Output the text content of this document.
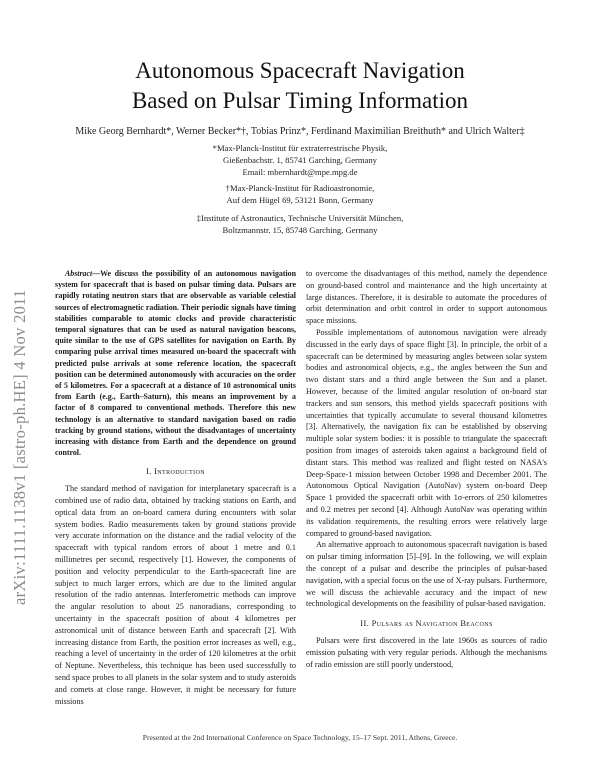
arXiv:1111.1138v1 [astro-ph.HE] 4 Nov 2011
Autonomous Spacecraft Navigation
Based on Pulsar Timing Information
Mike Georg Bernhardt*, Werner Becker*†, Tobias Prinz*, Ferdinand Maximilian Breithuth* and Ulrich Walter‡
*Max-Planck-Institut für extraterrestrische Physik,
Gießenbachstr. 1, 85741 Garching, Germany
Email: mbernhardt@mpe.mpg.de
†Max-Planck-Institut für Radioastronomie,
Auf dem Hügel 69, 53121 Bonn, Germany
‡Institute of Astronautics, Technische Universität München,
Boltzmannstr. 15, 85748 Garching, Germany

Abstract—We discuss the possibility of an autonomous navigation system for spacecraft that is based on pulsar timing data. Pulsars are rapidly rotating neutron stars that are observable as variable celestial sources of electromagnetic radiation. Their periodic signals have timing stabilities comparable to atomic clocks and provide characteristic temporal signatures that can be used as natural navigation beacons, quite similar to the use of GPS satellites for navigation on Earth. By comparing pulse arrival times measured on-board the spacecraft with predicted pulse arrivals at some reference location, the spacecraft position can be determined autonomously with accuracies on the order of 5 kilometres. For a spacecraft at a distance of 10 astronomical units from Earth (e.g., Earth–Saturn), this means an improvement by a factor of 8 compared to conventional methods. Therefore this new technology is an alternative to standard navigation based on radio tracking by ground stations, without the disadvantages of uncertainty increasing with distance from Earth and the dependence on ground control.

I. Introduction

The standard method of navigation for interplanetary spacecraft is a combined use of radio data, obtained by tracking stations on Earth, and optical data from an on-board camera during encounters with solar system bodies. Radio measurements taken by ground stations provide very accurate information on the distance and the radial velocity of the spacecraft with typical random errors of about 1 metre and 0.1 millimetres per second, respectively [1]. However, the components of position and velocity perpendicular to the Earth-spacecraft line are subject to much larger errors, which are due to the limited angular resolution of the radio antennas. Interferometric methods can improve the angular resolution to about 25 nanoradians, corresponding to uncertainty in the spacecraft position of about 4 kilometres per astronomical unit of distance between Earth and spacecraft [2]. With increasing distance from Earth, the position error increases as well, e.g., reaching a level of uncertainty in the order of 120 kilometres at the orbit of Neptune. Nevertheless, this technique has been used successfully to send space probes to all planets in the solar system and to study asteroids and comets at close range. However, it might be necessary for future missions

to overcome the disadvantages of this method, namely the dependence on ground-based control and maintenance and the high uncertainty at large distances. Therefore, it is desirable to automate the procedures of orbit determination and orbit control in order to support autonomous space missions.

Possible implementations of autonomous navigation were already discussed in the early days of space flight [3]. In principle, the orbit of a spacecraft can be determined by measuring angles between solar system bodies and astronomical objects, e.g., the angles between the Sun and two distant stars and a third angle between the Sun and a planet. However, because of the limited angular resolution of on-board star trackers and sun sensors, this method yields spacecraft positions with uncertainties that typically accumulate to several thousand kilometres [3]. Alternatively, the navigation fix can be established by observing multiple solar system bodies: it is possible to triangulate the spacecraft position from images of asteroids taken against a background field of distant stars. This method was realized and flight tested on NASA's Deep-Space-1 mission between October 1998 and December 2001. The Autonomous Optical Navigation (AutoNav) system on-board Deep Space 1 provided the spacecraft orbit with 1σ-errors of 250 kilometres and 0.2 metres per second [4]. Although AutoNav was operating within its validation requirements, the resulting errors were relatively large compared to ground-based navigation.

An alternative approach to autonomous spacecraft navigation is based on pulsar timing information [5]–[9]. In the following, we will explain the concept of a pulsar and describe the principles of pulsar-based navigation, with a special focus on the use of X-ray pulsars. Furthermore, we will discuss the achievable accuracy and the impact of new technological developments on the feasibility of pulsar-based navigation.

II. Pulsars as Navigation Beacons

Pulsars were first discovered in the late 1960s as sources of radio emission pulsating with very regular periods. Although the mechanisms of radio emission are still poorly understood,

Presented at the 2nd International Conference on Space Technology, 15–17 Sept. 2011, Athens, Greece.
